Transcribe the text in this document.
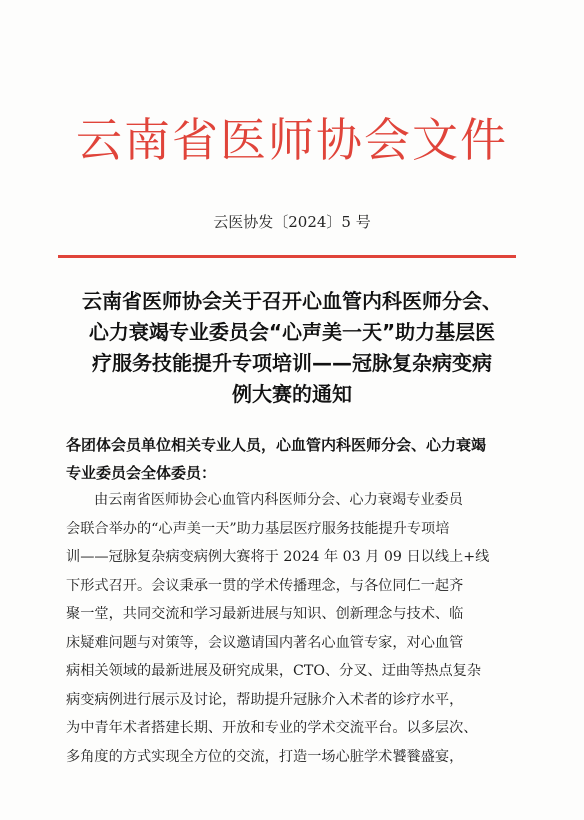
云南省医师协会文件
云医协发〔2024〕5 号
云南省医师协会关于召开心血管内科医师分会、
心力衰竭专业委员会“心声美一天”助力基层医
疗服务技能提升专项培训——冠脉复杂病变病
例大赛的通知
各团体会员单位相关专业人员，心血管内科医师分会、心力衰竭
专业委员会全体委员：
由云南省医师协会心血管内科医师分会、心力衰竭专业委员
会联合举办的“心声美一天”助力基层医疗服务技能提升专项培
训——冠脉复杂病变病例大赛将于 2024 年 03 月 09 日以线上+线
下形式召开。会议秉承一贯的学术传播理念，与各位同仁一起齐
聚一堂，共同交流和学习最新进展与知识、创新理念与技术、临
床疑难问题与对策等，会议邀请国内著名心血管专家，对心血管
病相关领域的最新进展及研究成果，CTO、分叉、迂曲等热点复杂
病变病例进行展示及讨论，帮助提升冠脉介入术者的诊疗水平，
为中青年术者搭建长期、开放和专业的学术交流平台。以多层次、
多角度的方式实现全方位的交流，打造一场心脏学术饕餮盛宴，
